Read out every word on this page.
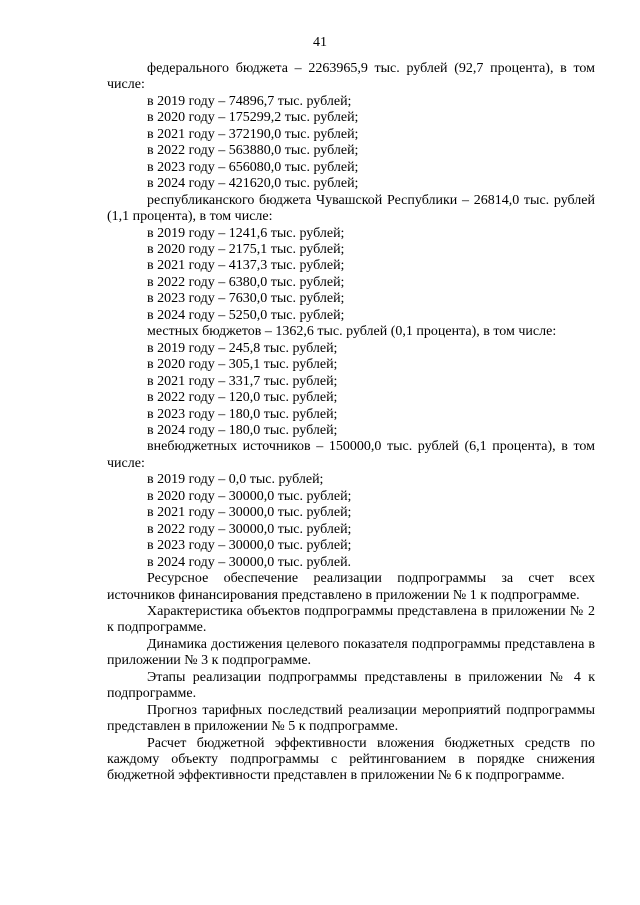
41

федерального бюджета – 2263965,9 тыс. рублей (92,7 процента), в том числе:

в 2019 году – 74896,7 тыс. рублей;

в 2020 году – 175299,2 тыс. рублей;

в 2021 году – 372190,0 тыс. рублей;

в 2022 году – 563880,0 тыс. рублей;

в 2023 году – 656080,0 тыс. рублей;

в 2024 году – 421620,0 тыс. рублей;

республиканского бюджета Чувашской Республики – 26814,0 тыс. рублей (1,1 процента), в том числе:

в 2019 году – 1241,6 тыс. рублей;

в 2020 году – 2175,1 тыс. рублей;

в 2021 году – 4137,3 тыс. рублей;

в 2022 году – 6380,0 тыс. рублей;

в 2023 году – 7630,0 тыс. рублей;

в 2024 году – 5250,0 тыс. рублей;

местных бюджетов – 1362,6 тыс. рублей (0,1 процента), в том числе:

в 2019 году – 245,8 тыс. рублей;

в 2020 году – 305,1 тыс. рублей;

в 2021 году – 331,7 тыс. рублей;

в 2022 году – 120,0 тыс. рублей;

в 2023 году – 180,0 тыс. рублей;

в 2024 году – 180,0 тыс. рублей;

внебюджетных источников – 150000,0 тыс. рублей (6,1 процента), в том числе:

в 2019 году – 0,0 тыс. рублей;

в 2020 году – 30000,0 тыс. рублей;

в 2021 году – 30000,0 тыс. рублей;

в 2022 году – 30000,0 тыс. рублей;

в 2023 году – 30000,0 тыс. рублей;

в 2024 году – 30000,0 тыс. рублей.

Ресурсное обеспечение реализации подпрограммы за счет всех источников финансирования представлено в приложении № 1 к подпрограмме.

Характеристика объектов подпрограммы представлена в приложении № 2 к подпрограмме.

Динамика достижения целевого показателя подпрограммы представлена в приложении № 3 к подпрограмме.

Этапы реализации подпрограммы представлены в приложении № 4 к подпрограмме.

Прогноз тарифных последствий реализации мероприятий подпрограммы представлен в приложении № 5 к подпрограмме.

Расчет бюджетной эффективности вложения бюджетных средств по каждому объекту подпрограммы с рейтингованием в порядке снижения бюджетной эффективности представлен в приложении № 6 к подпрограмме.
